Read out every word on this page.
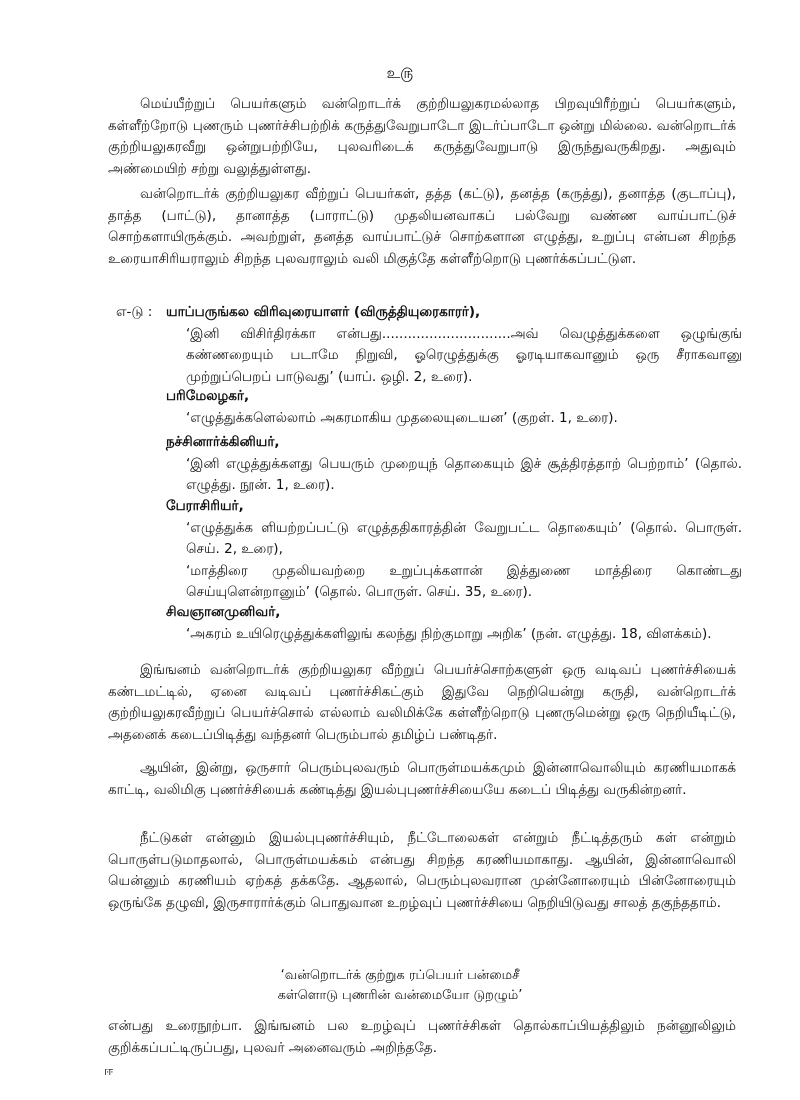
உ௫

மெய்யீற்றுப் பெயர்களும் வன்றொடர்க் குற்றியலுகரமல்லாத பிறவுயிரீற்றுப் பெயர்களும், கள்ளீற்றோடு புணரும் புணர்ச்சிபற்றிக் கருத்துவேறுபாடோ இடர்ப்பாடோ ஒன்று மில்லை. வன்றொடர்க் குற்றியலுகரவீறு ஒன்றுபற்றியே, புலவரிடைக் கருத்துவேறுபாடு இருந்துவருகிறது. அதுவும் அண்மையிற் சற்று வலுத்துள்ளது.

வன்றொடர்க் குற்றியலுகர வீற்றுப் பெயர்கள், தத்த (கட்டு), தனத்த (கருத்து), தனாத்த (குடாப்பு), தாத்த (பாட்டு), தானாத்த (பாராட்டு) முதலியனவாகப் பல்வேறு வண்ண வாய்பாட்டுச் சொற்களாயிருக்கும். அவற்றுள், தனத்த வாய்பாட்டுச் சொற்களான எழுத்து, உறுப்பு என்பன சிறந்த உரையாசிரியராலும் சிறந்த புலவராலும் வலி மிகுத்தே கள்ளீற்றொடு புணர்க்கப்பட்டுள.

எ-டு : யாப்பருங்கல விரிவுரையாளர் (விருத்தியுரைகாரர்),

‘இனி விசிர்திரக்கா என்பது..............................அவ் வெழுத்துக்களை ஒழுங்குங் கண்ணறையும் படாமே நிறுவி, ஓரெழுத்துக்கு ஓரடியாகவானும் ஒரு சீராகவானு முற்றுப்பெறப் பாடுவது’ (யாப். ஒழி. 2, உரை).

பரிமேலழகர்,

‘எழுத்துக்களெல்லாம் அகரமாகிய முதலையுடையன’ (குறள். 1, உரை).

நச்சினார்க்கினியர்,

‘இனி எழுத்துக்களது பெயரும் முறையுந் தொகையும் இச் சூத்திரத்தாற் பெற்றாம்’ (தொல். எழுத்து. நூன். 1, உரை).

பேராசிரியர்,

‘எழுத்துக்க ளியற்றப்பட்டு எழுத்ததிகாரத்தின் வேறுபட்ட தொகையும்’ (தொல். பொருள். செய். 2, உரை),

‘மாத்திரை முதலியவற்றை உறுப்புக்களான் இத்துணை மாத்திரை கொண்டது செய்யுளென்றானும்’ (தொல். பொருள். செய். 35, உரை).

சிவஞானமுனிவர்,

‘அகரம் உயிரெழுத்துக்களிலுங் கலந்து நிற்குமாறு அறிக’ (நன். எழுத்து. 18, விளக்கம்).

இங்ஙனம் வன்றொடர்க் குற்றியலுகர வீற்றுப் பெயர்ச்சொற்களுள் ஒரு வடிவப் புணர்ச்சியைக் கண்டமட்டில், ஏனை வடிவப் புணர்ச்சிகட்கும் இதுவே நெறியென்று கருதி, வன்றொடர்க் குற்றியலுகரவீற்றுப் பெயர்ச்சொல் எல்லாம் வலிமிக்கே கள்ளீற்றொடு புணருமென்று ஒரு நெறியீடிட்டு, அதனைக் கடைப்பிடித்து வந்தனர் பெரும்பால் தமிழ்ப் பண்டிதர்.

ஆயின், இன்று, ஒருசார் பெரும்புலவரும் பொருள்மயக்கமும் இன்னாவொலியும் கரணியமாகக் காட்டி, வலிமிகு புணர்ச்சியைக் கண்டித்து இயல்புபுணர்ச்சியையே கடைப் பிடித்து வருகின்றனர்.

நீட்டுகள் என்னும் இயல்புபுணர்ச்சியும், நீட்டோலைகள் என்றும் நீட்டித்தரும் கள் என்றும் பொருள்படுமாதலால், பொருள்மயக்கம் என்பது சிறந்த கரணியமாகாது. ஆயின், இன்னாவொலி யென்னும் கரணியம் ஏற்கத் தக்கதே. ஆதலால், பெரும்புலவரான முன்னோரையும் பின்னோரையும் ஒருங்கே தழுவி, இருசாரார்க்கும் பொதுவான உறழ்வுப் புணர்ச்சியை நெறியிடுவது சாலத் தகுந்ததாம்.

‘வன்றொடர்க் குற்றுக ரப்பெயர் பன்மைசீ
கள்ளொடு புணரின் வன்மையோ டுறழும்’

என்பது உரைநூற்பா. இங்ஙனம் பல உறழ்வுப் புணர்ச்சிகள் தொல்காப்பியத்திலும் நன்னூலிலும் குறிக்கப்பட்டிருப்பது, புலவர் அனைவரும் அறிந்ததே.

ஈ
